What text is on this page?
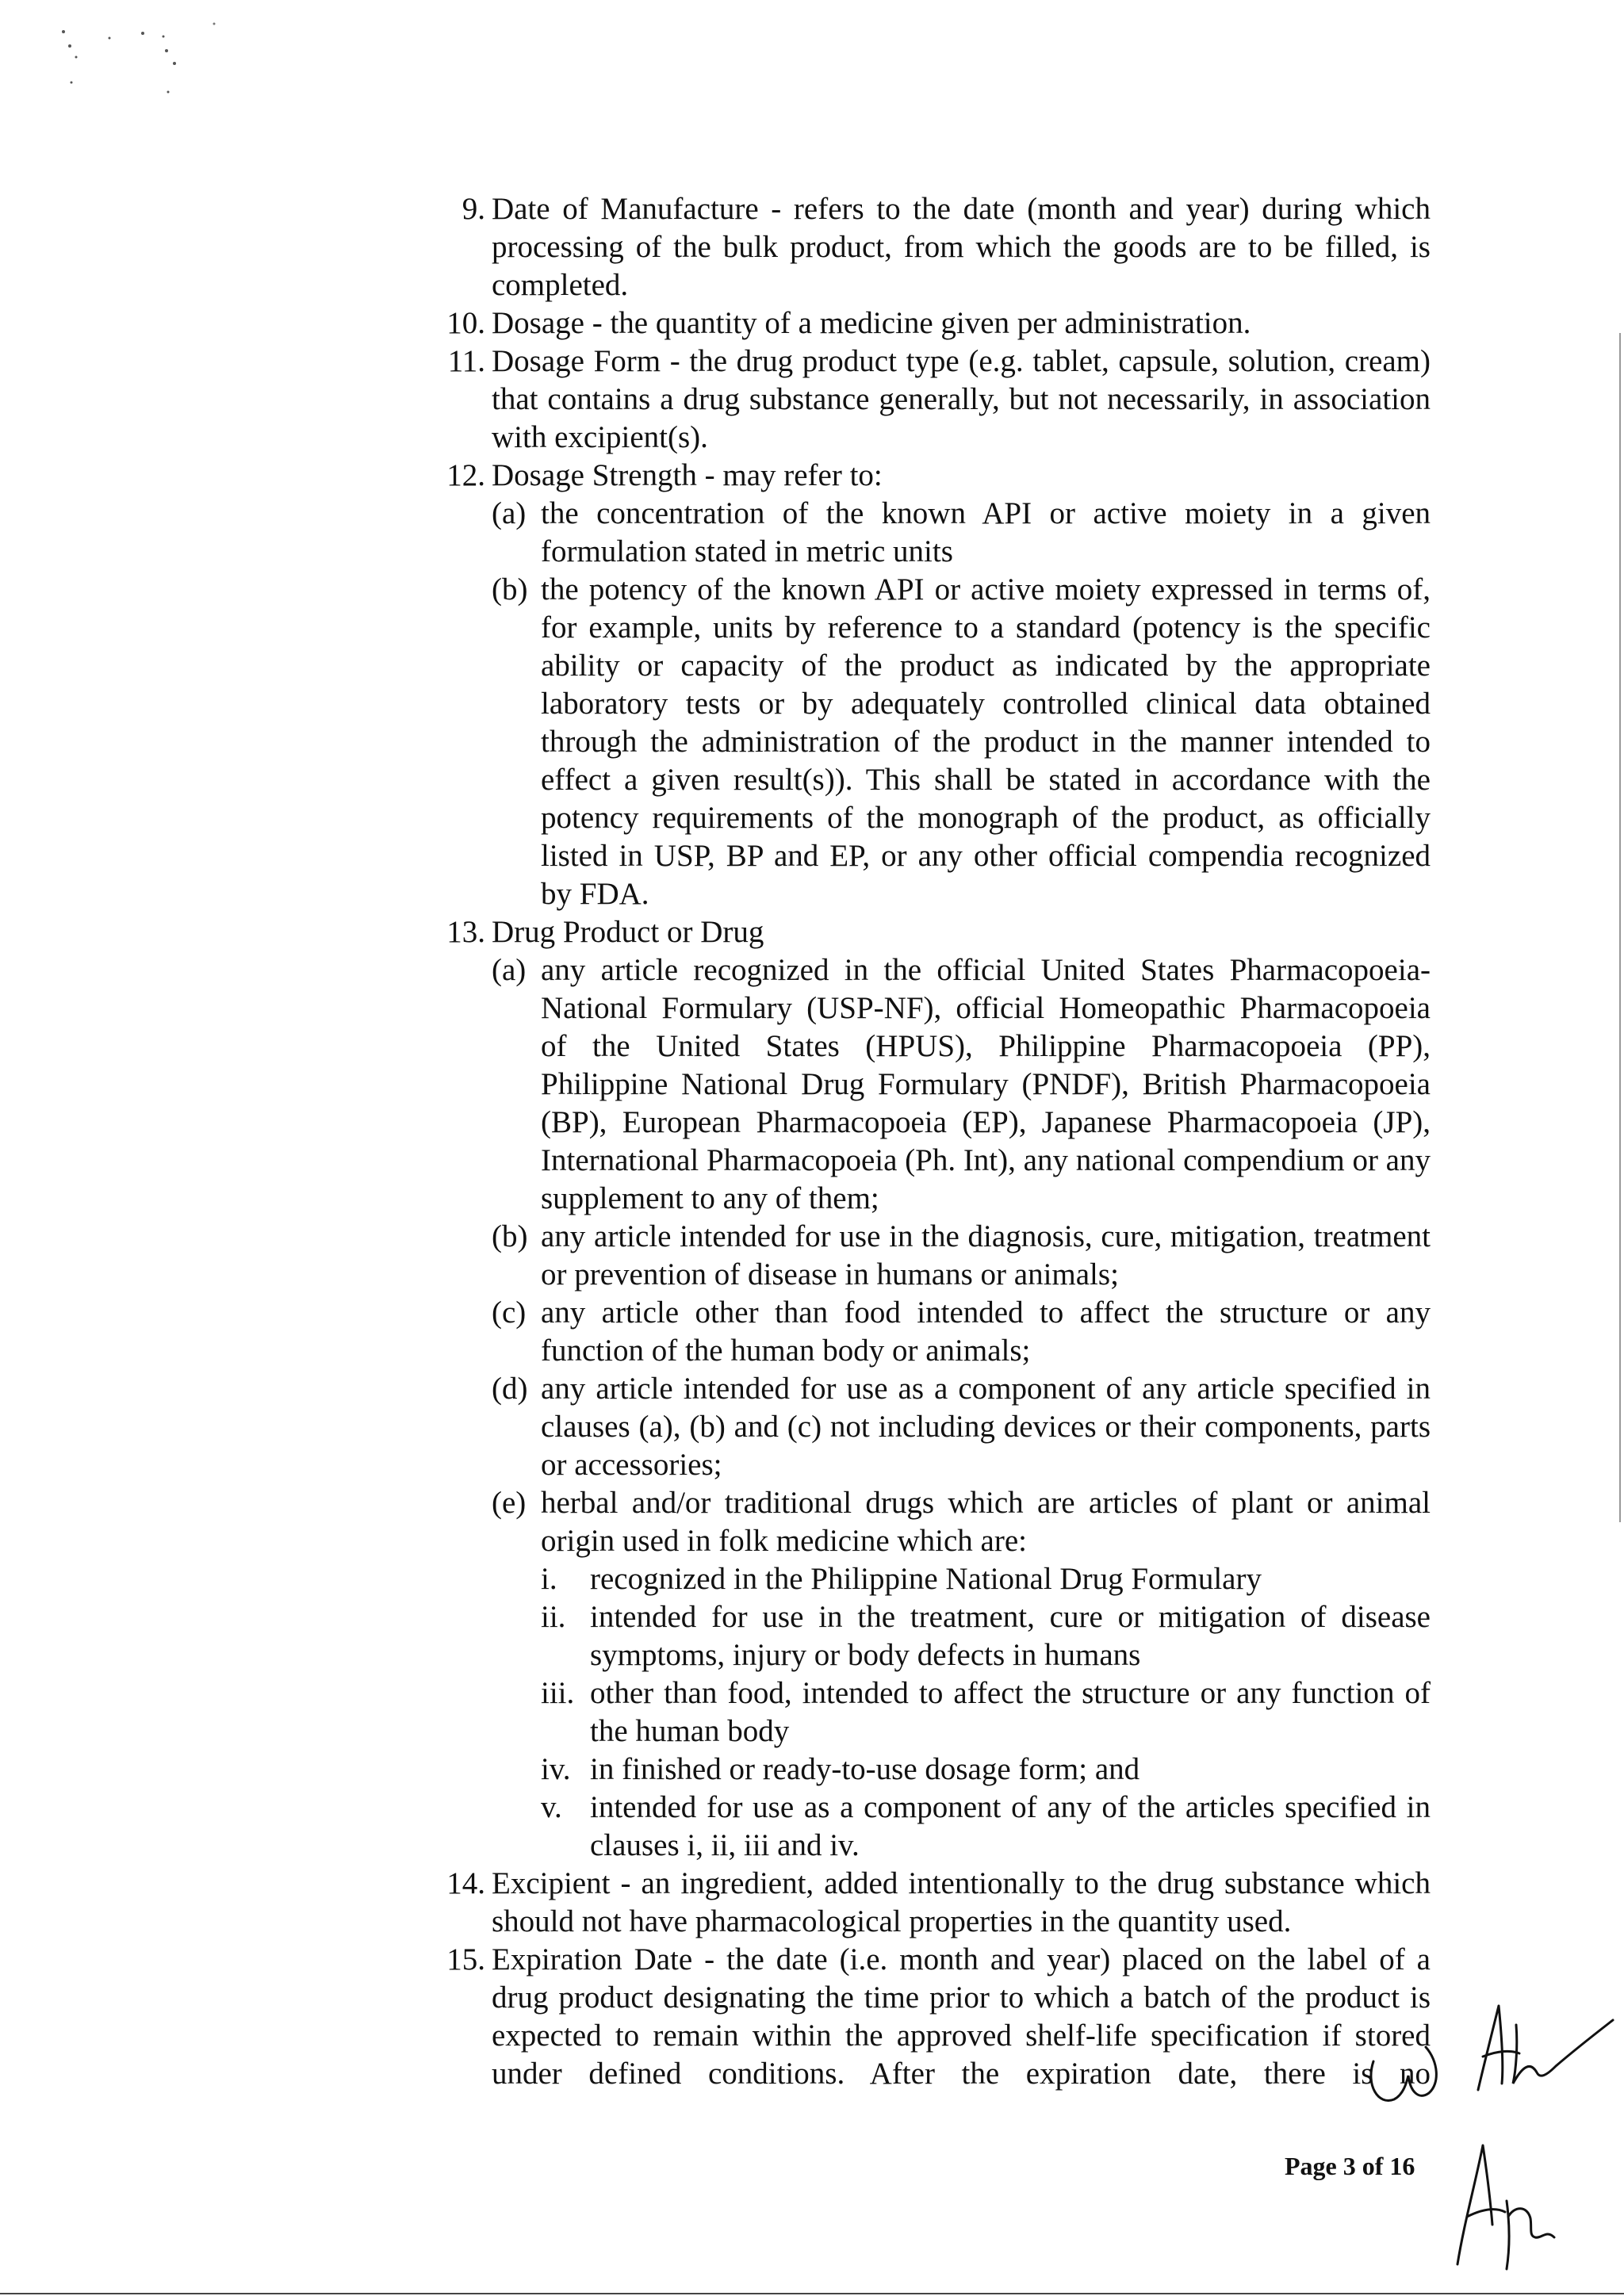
9. Date of Manufacture - refers to the date (month and year) during which processing of the bulk product, from which the goods are to be filled, is completed.
10. Dosage - the quantity of a medicine given per administration.
11. Dosage Form - the drug product type (e.g. tablet, capsule, solution, cream) that contains a drug substance generally, but not necessarily, in association with excipient(s).
12. Dosage Strength - may refer to:
(a) the concentration of the known API or active moiety in a given formulation stated in metric units
(b) the potency of the known API or active moiety expressed in terms of, for example, units by reference to a standard (potency is the specific ability or capacity of the product as indicated by the appropriate laboratory tests or by adequately controlled clinical data obtained through the administration of the product in the manner intended to effect a given result(s)). This shall be stated in accordance with the potency requirements of the monograph of the product, as officially listed in USP, BP and EP, or any other official compendia recognized by FDA.
13. Drug Product or Drug
(a) any article recognized in the official United States Pharmacopoeia-National Formulary (USP-NF), official Homeopathic Pharmacopoeia of the United States (HPUS), Philippine Pharmacopoeia (PP), Philippine National Drug Formulary (PNDF), British Pharmacopoeia (BP), European Pharmacopoeia (EP), Japanese Pharmacopoeia (JP), International Pharmacopoeia (Ph. Int), any national compendium or any supplement to any of them;
(b) any article intended for use in the diagnosis, cure, mitigation, treatment or prevention of disease in humans or animals;
(c) any article other than food intended to affect the structure or any function of the human body or animals;
(d) any article intended for use as a component of any article specified in clauses (a), (b) and (c) not including devices or their components, parts or accessories;
(e) herbal and/or traditional drugs which are articles of plant or animal origin used in folk medicine which are:
i.	recognized in the Philippine National Drug Formulary
ii. intended for use in the treatment, cure or mitigation of disease symptoms, injury or body defects in humans
iii. other than food, intended to affect the structure or any function of the human body
iv. in finished or ready-to-use dosage form; and
v. intended for use as a component of any of the articles specified in clauses i, ii, iii and iv.
14. Excipient - an ingredient, added intentionally to the drug substance which should not have pharmacological properties in the quantity used.
15. Expiration Date - the date (i.e. month and year) placed on the label of a drug product designating the time prior to which a batch of the product is expected to remain within the approved shelf-life specification if stored under defined conditions. After the expiration date, there is no
Page 3 of 16
